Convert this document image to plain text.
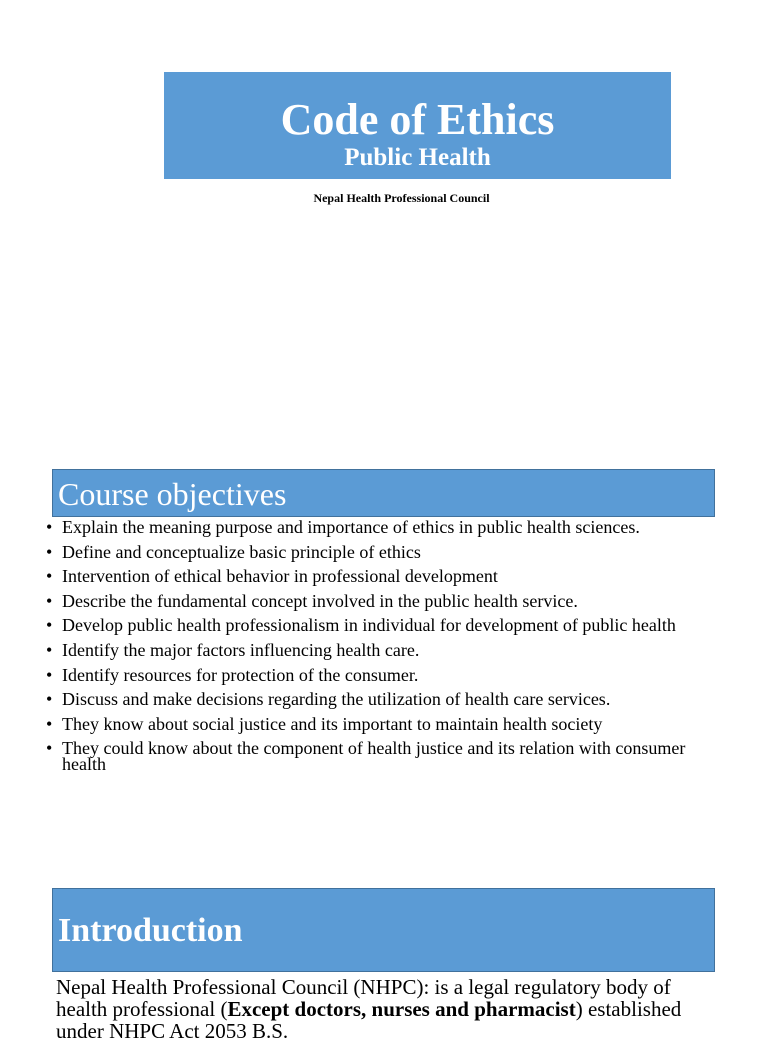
Code of Ethics
Public Health
Nepal Health Professional Council
Course objectives
• Explain the meaning purpose and importance of ethics in public health sciences.
• Define and conceptualize basic principle of ethics
• Intervention of ethical behavior in professional development
• Describe the fundamental concept involved in the public health service.
• Develop public health professionalism in individual for development of public health
• Identify the major factors influencing health care.
• Identify resources for protection of the consumer.
• Discuss and make decisions regarding the utilization of health care services.
• They know about social justice and its important to maintain health society
• They could know about the component of health justice and its relation with consumer health
Introduction
Nepal Health Professional Council (NHPC): is a legal regulatory body of health professional (Except doctors, nurses and pharmacist) established under NHPC Act 2053 B.S.
